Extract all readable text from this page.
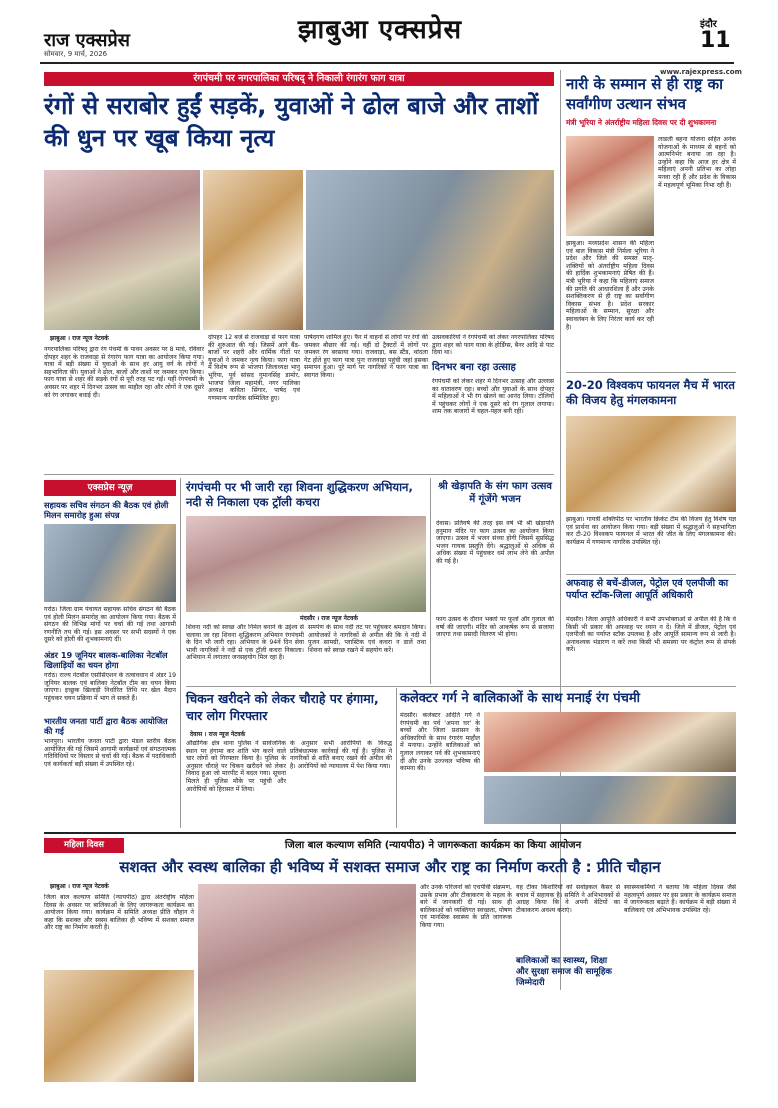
राज एक्सप्रेस
सोमवार, 9 मार्च, 2026
झाबुआ एक्सप्रेस	इंदौर
11
www.rajexpress.com
रंगपंचमी पर नगरपालिका परिषद् ने निकाली रंगारंग फाग यात्रा
रंगों से सराबोर हुईं सड़कें, युवाओं ने ढोल बाजे और ताशों की धुन पर खूब किया नृत्य
झाबुआ । राज न्यूज नेटवर्क
नगरपालिका परिषद् द्वारा रंग पंचमी के पावन अवसर पर 8 मार्च, रविवार दोपहर शहर के राजवाड़ा से रंगारंग फाग यात्रा का आयोजन किया गया। यात्रा में बड़ी संख्या में युवाओं के साथ हर आयु वर्ग के लोगों ने सहभागिता की। युवाओं ने ढोल, बाजों और ताशों पर जमकर नृत्य किया। फाग यात्रा से शहर की सड़कें रंगों से पूरी तरह पट गईं। यहीं रंगपंचमी के अवसर पर शहर में दिनभर उत्सव का माहौल रहा और लोगों ने एक दूसरे को रंग लगाकर बधाई दी।
दोपहर 12 बजे से राजवाड़ा से फाग यात्रा की शुरुआत की गई। जिसमें आगे बैंड-बाजों पर शहरी और धार्मिक गीतों पर युवाओं ने जमकर नृत्य किया। फाग यात्रा में विशेष रूप से भाजपा जिलाध्यक्ष भानु भूरिया, पूर्व सांसद गुमानसिंह डामोर, भाजपा जिला महामंत्री, नगर पालिका अध्यक्ष कविता सिंगार, पार्षद एवं गणमान्य नागरिक सम्मिलित हुए।
पार्षदगण शामिल हुए। फैर में वाहनों से लोगों पर रंगों की जमकर बौछार की गई। वहीं दो ट्रैक्टरों में लोगों पर जमकर रंग बरसाया गया। राजवाड़ा, बस स्टैंड, थांदला गेट होते हुए फाग यात्रा पुनः राजवाड़ा पहुंची जहां इसका समापन हुआ। पूरे मार्ग पर नागरिकों ने फाग यात्रा का स्वागत किया।
उत्सवकारियों ने रंगपंचमी को लेकर नगरपालिका परिषद द्वारा शहर को फाग यात्रा के होर्डिंग्स, बैनर आदि से पाट दिया था।
दिनभर बना रहा उत्साह
रंगपंचमी को लेकर शहर में दिनभर उत्साह और उल्लास का वातावरण रहा। बच्चों और युवाओं के साथ दोपहर में महिलाओं ने भी रंग खेलने का आनंद लिया। टोलियों में पहुंचकर लोगों ने एक दूसरे को रंग गुलाल लगाया। शाम तक बाजारों में चहल-पहल बनी रही।
नारी के सम्मान से ही राष्ट्र का सर्वांगीण उत्थान संभव
मंत्री भूरिया ने अंतर्राष्ट्रीय महिला दिवस पर दी शुभकामना
लाडली बहना योजना सहित अनेक योजनाओं के माध्यम से बहनों को आत्मनिर्भर बनाया जा रहा है। उन्होंने कहा कि आज हर क्षेत्र में महिलाएं अपनी प्रतिभा का लोहा मनवा रही हैं और प्रदेश के विकास में महत्वपूर्ण भूमिका निभा रही हैं।
झाबुआ। मध्यप्रदेश शासन की महिला एवं बाल विकास मंत्री निर्मला भूरिया ने प्रदेश और जिले की समस्त मातृ-शक्तियों को अंतर्राष्ट्रीय महिला दिवस की हार्दिक शुभकामनाएं प्रेषित की हैं। मंत्री भूरिया ने कहा कि महिलाएं समाज की प्रगति की आधारशिला हैं और उनके सशक्तिकरण से ही राष्ट्र का सर्वांगीण विकास संभव है। प्रदेश सरकार महिलाओं के सम्मान, सुरक्षा और स्वावलंबन के लिए निरंतर कार्य कर रही है।
20-20 विश्वकप फायनल मैच में भारत की विजय हेतु मंगलकामना
झाबुआ। गायत्री शक्तिपीठ पर भारतीय क्रिकेट टीम की विजय हेतु विशेष यज्ञ एवं प्रार्थना का आयोजन किया गया। बड़ी संख्या में श्रद्धालुओं ने सहभागिता कर टी-20 विश्वकप फायनल में भारत की जीत के लिए मंगलकामना की। कार्यक्रम में गणमान्य नागरिक उपस्थित रहे।
अफवाह से बचें-डीजल, पेट्रोल एवं एलपीजी का पर्याप्त स्टॉक-जिला आपूर्ति अधिकारी
मंदसौर। जिला आपूर्ति अधिकारी ने सभी उपभोक्ताओं से अपील की है कि वे किसी भी प्रकार की अफवाह पर ध्यान न दें। जिले में डीजल, पेट्रोल एवं एलपीजी का पर्याप्त स्टॉक उपलब्ध है और आपूर्ति सामान्य रूप से जारी है। अनावश्यक भंडारण न करें तथा किसी भी समस्या पर कंट्रोल रूम से संपर्क करें।
एक्सप्रेस न्यूज़
सहायक सचिव संगठन की बैठक एवं होली मिलन समारोह हुआ संपन्न
गरोठ। जिला ग्राम पंचायत सहायक सचिव संगठन की बैठक एवं होली मिलन समारोह का आयोजन किया गया। बैठक में संगठन की विभिन्न मांगों पर चर्चा की गई तथा आगामी रणनीति तय की गई। इस अवसर पर सभी सदस्यों ने एक दूसरे को होली की शुभकामनाएं दीं।
अंडर 19 जूनियर बालक-बालिका नेटबॉल खिलाड़ियों का चयन होगा
गरोठ। राज्य नेटबॉल एसोसिएशन के तत्वावधान में अंडर 19 जूनियर बालक एवं बालिका नेटबॉल टीम का चयन किया जाएगा। इच्छुक खिलाड़ी निर्धारित तिथि पर खेल मैदान पहुंचकर चयन प्रक्रिया में भाग ले सकते हैं।
भारतीय जनता पार्टी द्वारा बैठक आयोजित की गई
भानपुरा। भारतीय जनता पार्टी द्वारा मंडल स्तरीय बैठक आयोजित की गई जिसमें आगामी कार्यक्रमों एवं संगठनात्मक गतिविधियों पर विस्तार से चर्चा की गई। बैठक में पदाधिकारी एवं कार्यकर्ता बड़ी संख्या में उपस्थित रहे।
रंगपंचमी पर भी जारी रहा शिवना शुद्धिकरण अभियान, नदी से निकाला एक ट्रॉली कचरा
मंदसौर । राज न्यूज नेटवर्क
शिवना नदी को स्वच्छ और निर्मल बनाने के उद्देश्य से चलाया जा रहा शिवना शुद्धिकरण अभियान रंगपंचमी के दिन भी जारी रहा। अभियान के 94वें दिन सेवा भावी नागरिकों ने नदी से एक ट्रॉली कचरा निकाला। अभियान में लगातार जनसहयोग मिल रहा है।
समर्पण के साथ नदी तट पर पहुंचकर श्रमदान किया। आयोजकों ने नागरिकों से अपील की कि वे नदी में पूजन सामग्री, प्लास्टिक एवं कचरा न डालें तथा शिवना को स्वच्छ रखने में सहयोग करें।
श्री खेड़ापति के संग फाग उत्सव में गूंजेंगे भजन
देवास। प्रतिवर्ष की तरह इस वर्ष भी श्री खेड़ापति हनुमान मंदिर पर फाग उत्सव का आयोजन किया जाएगा। उत्सव में भजन संध्या होगी जिसमें सुप्रसिद्ध भजन गायक प्रस्तुति देंगे। श्रद्धालुओं से अधिक से अधिक संख्या में पहुंचकर धर्म लाभ लेने की अपील की गई है।
फाग उत्सव के दौरान भक्तों पर फूलों और गुलाल की वर्षा की जाएगी। मंदिर को आकर्षक रूप से सजाया जाएगा तथा प्रसादी वितरण भी होगा।
चिकन खरीदने को लेकर चौराहे पर हंगामा, चार लोग गिरफ्तार
देवास । राज न्यूज नेटवर्क
औद्योगिक क्षेत्र थाना पुलिस ने सार्वजनिक स्थान पर हंगामा कर शांति भंग करने वाले चार लोगों को गिरफ्तार किया है। पुलिस के अनुसार चौराहे पर चिकन खरीदने को लेकर विवाद हुआ जो मारपीट में बदल गया। सूचना मिलते ही पुलिस मौके पर पहुंची और आरोपियों को हिरासत में लिया।
के अनुसार सभी आरोपियों के विरुद्ध प्रतिबंधात्मक कार्रवाई की गई है। पुलिस ने नागरिकों से शांति बनाए रखने की अपील की है। आरोपियों को न्यायालय में पेश किया गया।
कलेक्टर गर्ग ने बालिकाओं के साथ मनाई रंग पंचमी
मंदसौर। कलेक्टर अदिति गर्ग ने रंगपंचमी का पर्व 'अपना घर' के बच्चों और जिला प्रशासन के अधिकारियों के साथ रंगारंग माहौल में मनाया। उन्होंने बालिकाओं को गुलाल लगाकर पर्व की शुभकामनाएं दीं और उनके उज्ज्वल भविष्य की कामना की।
महिला दिवस	जिला बाल कल्याण समिति (न्यायपीठ) ने जागरूकता कार्यक्रम का किया आयोजन
सशक्त और स्वस्थ बालिका ही भविष्य में सशक्त समाज और राष्ट्र का निर्माण करती है : प्रीति चौहान
झाबुआ । राज न्यूज नेटवर्क
जिला बाल कल्याण समिति (न्यायपीठ) द्वारा अंतर्राष्ट्रीय महिला दिवस के अवसर पर बालिकाओं के लिए जागरूकता कार्यक्रम का आयोजन किया गया। कार्यक्रम में समिति अध्यक्ष प्रीति चौहान ने कहा कि सशक्त और स्वस्थ बालिका ही भविष्य में सशक्त समाज और राष्ट्र का निर्माण करती है।
और उनके परिजनों को एचपीवी संक्रमण, उसके प्रभाव और टीकाकरण के महत्व के बारे में जानकारी दी गई। साथ ही बालिकाओं को व्यक्तिगत स्वच्छता, पोषण एवं मानसिक स्वास्थ्य के प्रति जागरूक किया गया।
यह टीका किशोरियों को सर्वाइकल कैंसर से बचाव में सहायक है। समिति ने अभिभावकों से आग्रह किया कि वे अपनी बेटियों का टीकाकरण अवश्य कराएं।
बालिकाओं का स्वास्थ्य, शिक्षा और सुरक्षा समाज की सामूहिक जिम्मेदारी
स्वास्थ्यकर्मियों ने बताया कि महिला दिवस जैसे महत्वपूर्ण अवसर पर इस प्रकार के कार्यक्रम समाज में जागरूकता बढ़ाते हैं। कार्यक्रम में बड़ी संख्या में बालिकाएं एवं अभिभावक उपस्थित रहे।
